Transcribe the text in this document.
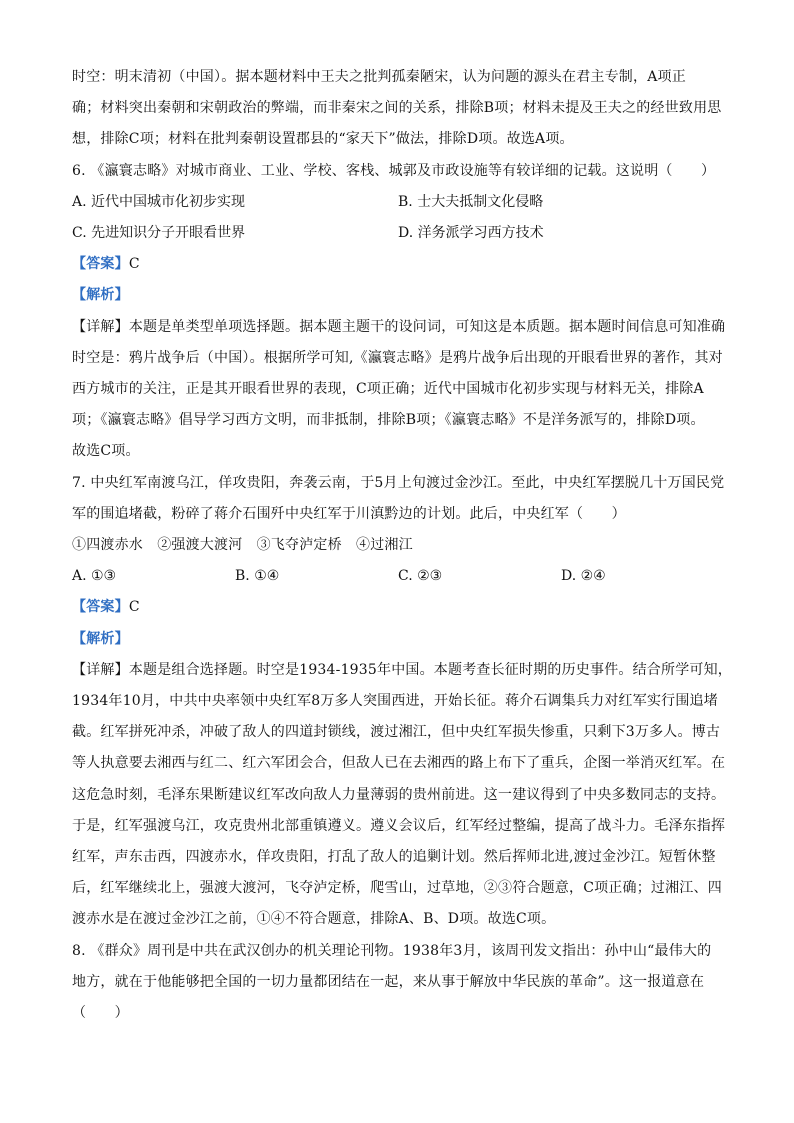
时空：明末清初（中国）。据本题材料中王夫之批判孤秦陋宋，认为问题的源头在君主专制，A项正
确；材料突出秦朝和宋朝政治的弊端，而非秦宋之间的关系，排除B项；材料未提及王夫之的经世致用思
想，排除C项；材料在批判秦朝设置郡县的“家天下”做法，排除D项。故选A项。
6. 《瀛寰志略》对城市商业、工业、学校、客栈、城郭及市政设施等有较详细的记载。这说明（　　）
A. 近代中国城市化初步实现	B. 士大夫抵制文化侵略
C. 先进知识分子开眼看世界	D. 洋务派学习西方技术
【答案】C
【解析】
【详解】本题是单类型单项选择题。据本题主题干的设问词，可知这是本质题。据本题时间信息可知准确
时空是：鸦片战争后（中国）。根据所学可知,《瀛寰志略》是鸦片战争后出现的开眼看世界的著作，其对
西方城市的关注，正是其开眼看世界的表现，C项正确；近代中国城市化初步实现与材料无关，排除A
项；《瀛寰志略》倡导学习西方文明，而非抵制，排除B项；《瀛寰志略》不是洋务派写的，排除D项。
故选C项。
7. 中央红军南渡乌江，佯攻贵阳，奔袭云南，于5月上旬渡过金沙江。至此，中央红军摆脱几十万国民党
军的围追堵截，粉碎了蒋介石围歼中央红军于川滇黔边的计划。此后，中央红军（　　）
①四渡赤水　②强渡大渡河　③飞夺泸定桥　④过湘江
A. ①③	B. ①④	C. ②③	D. ②④
【答案】C
【解析】
【详解】本题是组合选择题。时空是1934-1935年中国。本题考查长征时期的历史事件。结合所学可知，
1934年10月，中共中央率领中央红军8万多人突围西进，开始长征。蒋介石调集兵力对红军实行围追堵
截。红军拼死冲杀，冲破了敌人的四道封锁线，渡过湘江，但中央红军损失惨重，只剩下3万多人。博古
等人执意要去湘西与红二、红六军团会合，但敌人已在去湘西的路上布下了重兵，企图一举消灭红军。在
这危急时刻，毛泽东果断建议红军改向敌人力量薄弱的贵州前进。这一建议得到了中央多数同志的支持。
于是，红军强渡乌江，攻克贵州北部重镇遵义。遵义会议后，红军经过整编，提高了战斗力。毛泽东指挥
红军，声东击西，四渡赤水，佯攻贵阳，打乱了敌人的追剿计划。然后挥师北进,渡过金沙江。短暂休整
后，红军继续北上，强渡大渡河，飞夺泸定桥，爬雪山，过草地，②③符合题意，C项正确；过湘江、四
渡赤水是在渡过金沙江之前，①④不符合题意，排除A、B、D项。故选C项。
8. 《群众》周刊是中共在武汉创办的机关理论刊物。1938年3月，该周刊发文指出：孙中山“最伟大的
地方，就在于他能够把全国的一切力量都团结在一起，来从事于解放中华民族的革命”。这一报道意在
（　　）
